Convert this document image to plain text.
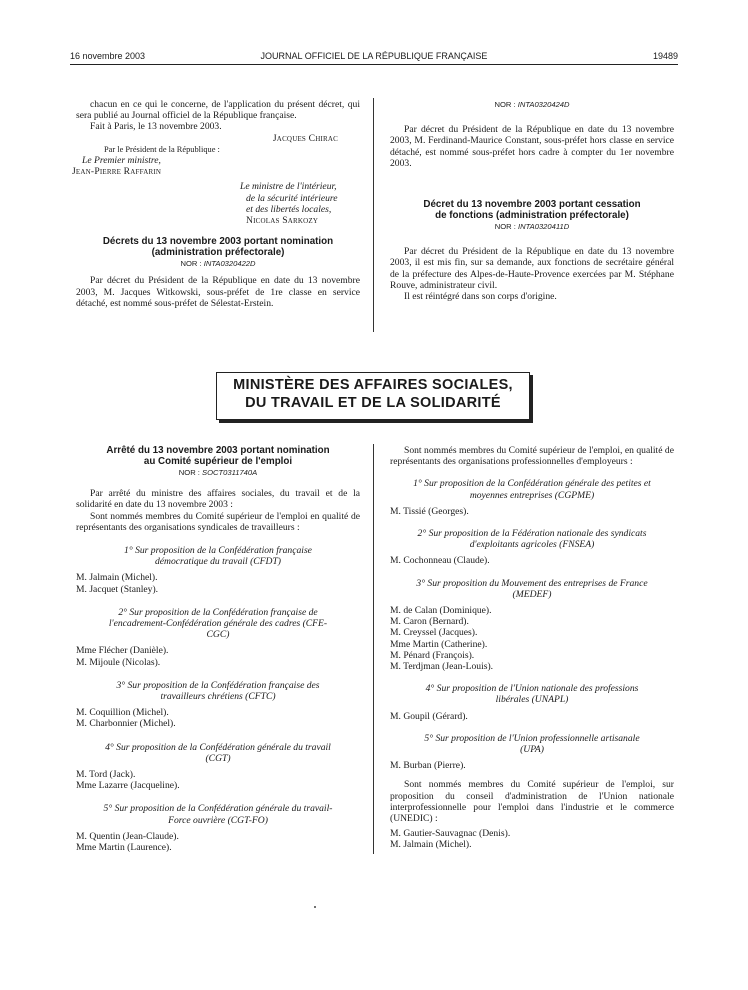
16 novembre 2003	JOURNAL OFFICIEL DE LA RÉPUBLIQUE FRANÇAISE	19489

chacun en ce qui le concerne, de l'application du présent décret, qui sera publié au Journal officiel de la République française.

Fait à Paris, le 13 novembre 2003.

Jacques Chirac

Par le Président de la République :

Le Premier ministre,

Jean-Pierre Raffarin

Le ministre de l'intérieur,

de la sécurité intérieure

et des libertés locales,

Nicolas Sarkozy

Décrets du 13 novembre 2003 portant nomination

(administration préfectorale)

NOR : INTA0320422D

Par décret du Président de la République en date du 13 novembre 2003, M. Jacques Witkowski, sous-préfet de 1re classe en service détaché, est nommé sous-préfet de Sélestat-Erstein.

NOR : INTA0320424D

Par décret du Président de la République en date du 13 novembre 2003, M. Ferdinand-Maurice Constant, sous-préfet hors classe en service détaché, est nommé sous-préfet hors cadre à compter du 1er novembre 2003.

Décret du 13 novembre 2003 portant cessation

de fonctions (administration préfectorale)

NOR : INTA0320411D

Par décret du Président de la République en date du 13 novembre 2003, il est mis fin, sur sa demande, aux fonctions de secrétaire général de la préfecture des Alpes-de-Haute-Provence exercées par M. Stéphane Rouve, administrateur civil.

Il est réintégré dans son corps d'origine.

MINISTÈRE DES AFFAIRES SOCIALES,
DU TRAVAIL ET DE LA SOLIDARITÉ

Arrêté du 13 novembre 2003 portant nomination

au Comité supérieur de l'emploi

NOR : SOCT0311740A

Par arrêté du ministre des affaires sociales, du travail et de la solidarité en date du 13 novembre 2003 :

Sont nommés membres du Comité supérieur de l'emploi en qualité de représentants des organisations syndicales de travailleurs :

1° Sur proposition de la Confédération française démocratique du travail (CFDT)

M. Jalmain (Michel).

M. Jacquet (Stanley).

2° Sur proposition de la Confédération française de l'encadrement-Confédération générale des cadres (CFE-CGC)

Mme Flécher (Danièle).

M. Mijoule (Nicolas).

3° Sur proposition de la Confédération française des travailleurs chrétiens (CFTC)

M. Coquillion (Michel).

M. Charbonnier (Michel).

4° Sur proposition de la Confédération générale du travail (CGT)

M. Tord (Jack).

Mme Lazarre (Jacqueline).

5° Sur proposition de la Confédération générale du travail-Force ouvrière (CGT-FO)

M. Quentin (Jean-Claude).

Mme Martin (Laurence).

Sont nommés membres du Comité supérieur de l'emploi, en qualité de représentants des organisations professionnelles d'employeurs :

1° Sur proposition de la Confédération générale des petites et moyennes entreprises (CGPME)

M. Tissié (Georges).

2° Sur proposition de la Fédération nationale des syndicats d'exploitants agricoles (FNSEA)

M. Cochonneau (Claude).

3° Sur proposition du Mouvement des entreprises de France (MEDEF)

M. de Calan (Dominique).

M. Caron (Bernard).

M. Creyssel (Jacques).

Mme Martin (Catherine).

M. Pénard (François).

M. Terdjman (Jean-Louis).

4° Sur proposition de l'Union nationale des professions libérales (UNAPL)

M. Goupil (Gérard).

5° Sur proposition de l'Union professionnelle artisanale (UPA)

M. Burban (Pierre).

Sont nommés membres du Comité supérieur de l'emploi, sur proposition du conseil d'administration de l'Union nationale interprofessionnelle pour l'emploi dans l'industrie et le commerce (UNEDIC) :

M. Gautier-Sauvagnac (Denis).

M. Jalmain (Michel).
